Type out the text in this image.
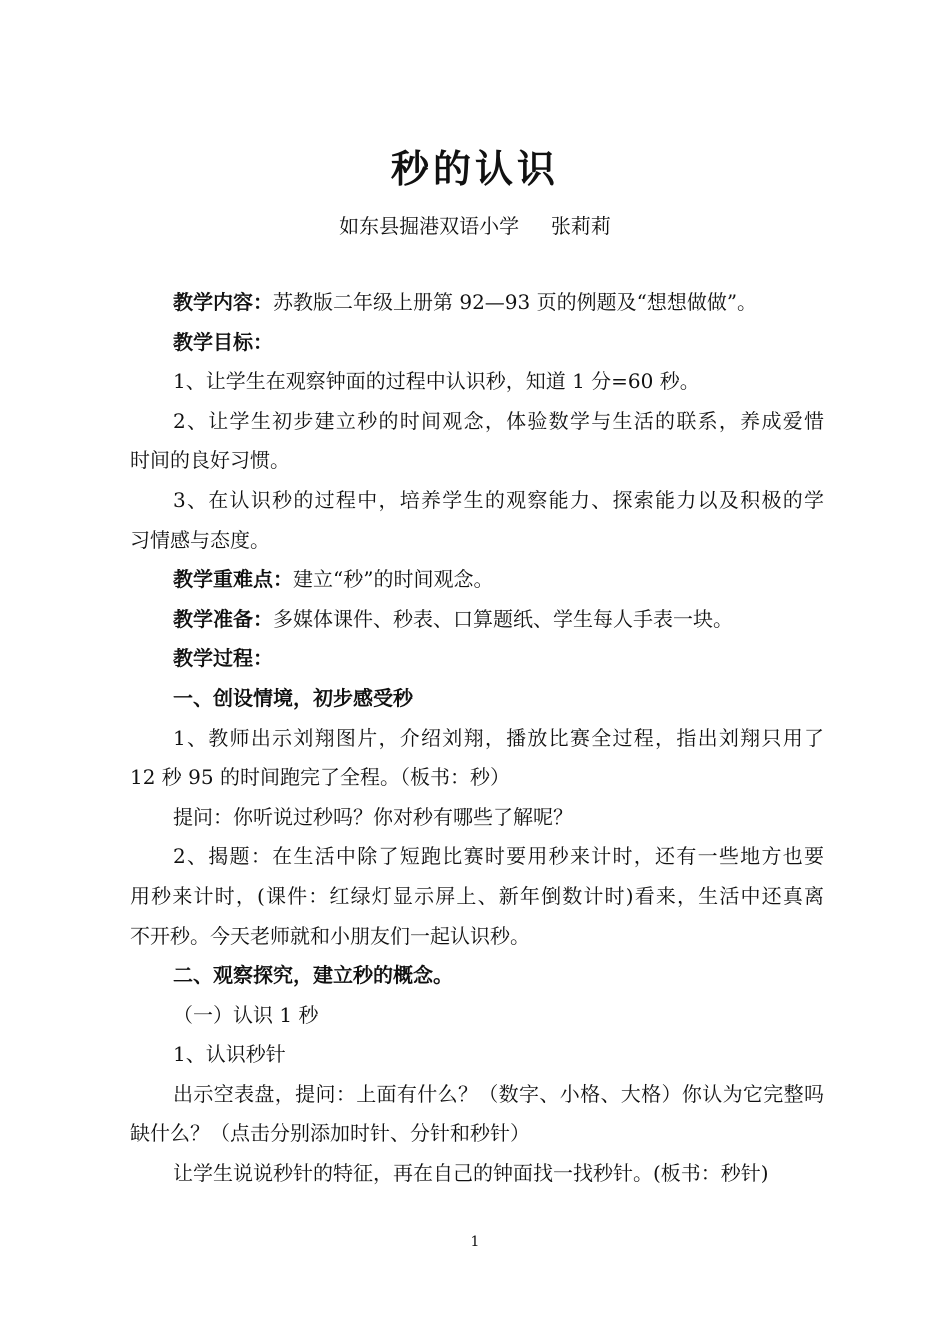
秒的认识
如东县掘港双语小学     张莉莉
教学内容：苏教版二年级上册第 92—93 页的例题及“想想做做”。
教学目标：
1、让学生在观察钟面的过程中认识秒，知道 1 分=60 秒。
2、让学生初步建立秒的时间观念，体验数学与生活的联系，养成爱惜
时间的良好习惯。
3、在认识秒的过程中，培养学生的观察能力、探索能力以及积极的学
习情感与态度。
教学重难点：建立“秒”的时间观念。
教学准备：多媒体课件、秒表、口算题纸、学生每人手表一块。
教学过程：
一、创设情境，初步感受秒
1、教师出示刘翔图片，介绍刘翔，播放比赛全过程，指出刘翔只用了
12 秒 95 的时间跑完了全程。（板书：秒）
提问：你听说过秒吗？你对秒有哪些了解呢？
2、揭题：在生活中除了短跑比赛时要用秒来计时，还有一些地方也要
用秒来计时，(课件：红绿灯显示屏上、新年倒数计时)看来，生活中还真离
不开秒。今天老师就和小朋友们一起认识秒。
二、观察探究，建立秒的概念。
（一）认识 1 秒
1、认识秒针
出示空表盘，提问：上面有什么？（数字、小格、大格）你认为它完整吗
缺什么？（点击分别添加时针、分针和秒针）
让学生说说秒针的特征，再在自己的钟面找一找秒针。(板书：秒针)
1
